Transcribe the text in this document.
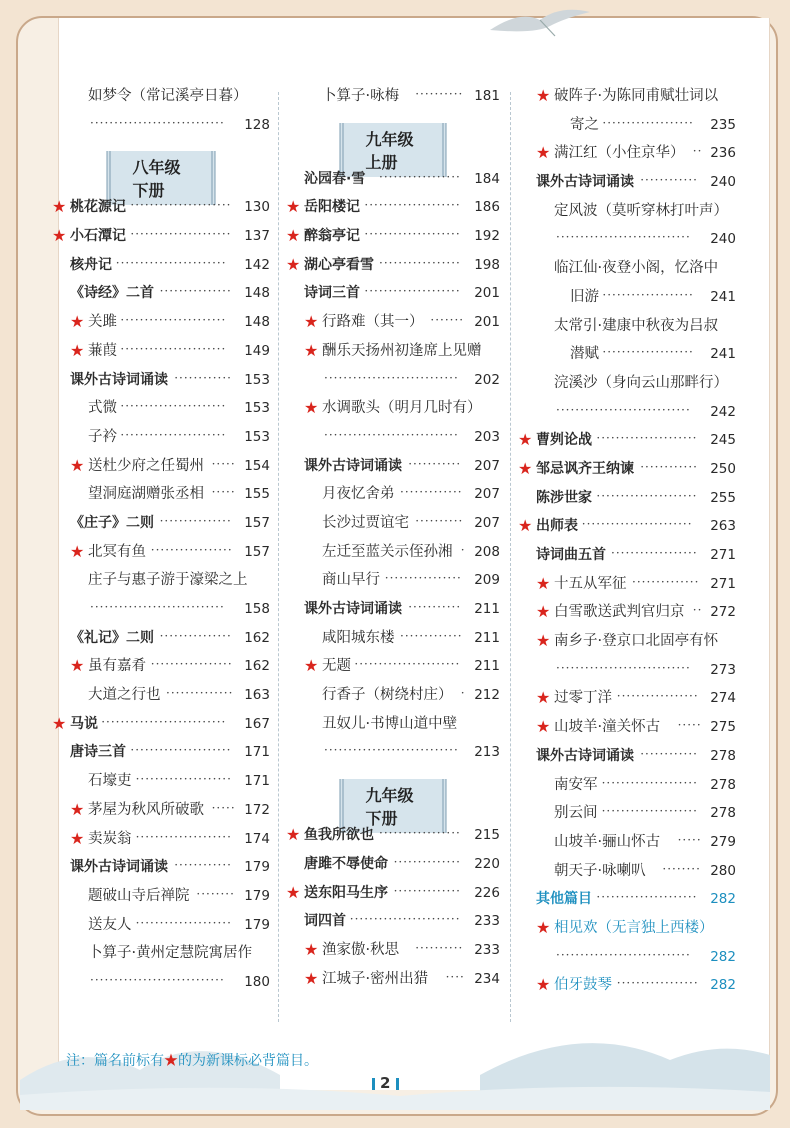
如梦令（常记溪亭日暮）
128
····························
八年级下册
★ 桃花源记	130
·····················
★ 小石潭记	137
·····················
核舟记	142
·······················
《诗经》二首	148
···············
★ 关雎	148
······················
★ 蒹葭	149
······················
课外古诗词诵读	153
············
式微	153
······················
子衿	153
······················
★ 送杜少府之任蜀州	154
·····
望洞庭湖赠张丞相	155
·····
《庄子》二则	157
···············
★ 北冥有鱼	157
·················
庄子与惠子游于濠梁之上
158
····························
《礼记》二则	162
···············
★ 虽有嘉肴	162
·················
大道之行也	163
··············
★ 马说	167
··························
唐诗三首	171
·····················
石壕吏	171
····················
★ 茅屋为秋风所破歌	172
·····
★ 卖炭翁	174
····················
课外古诗词诵读	179
············
题破山寺后禅院	179
········
送友人	179
····················
卜算子·黄州定慧院寓居作
180
····························
卜算子·咏梅	181
··········
九年级上册
沁园春·雪	184
·················
★ 岳阳楼记	186
····················
★ 醉翁亭记	192
····················
★ 湖心亭看雪	198
·················
诗词三首	201
····················
★ 行路难（其一）	201
·······
★ 酬乐天扬州初逢席上见赠
202
····························
★ 水调歌头（明月几时有）
203
····························
课外古诗词诵读	207
···········
月夜忆舍弟	207
·············
长沙过贾谊宅	207
··········
左迁至蓝关示侄孙湘 208
·
商山早行	209
················
课外古诗词诵读	211
···········
咸阳城东楼	211
·············
★ 无题	211
······················
行香子（树绕村庄） 212
·
丑奴儿·书博山道中壁
213
····························
九年级下册
★ 鱼我所欲也	215
·················
唐雎不辱使命	220
··············
★ 送东阳马生序	226
··············
词四首	233
·······················
★ 渔家傲·秋思	233
··········
★ 江城子·密州出猎	234
····
★ 破阵子·为陈同甫赋壮词以
寄之	235
···················
★ 满江红（小住京华） 236
··
课外古诗词诵读	240
············
定风波（莫听穿林打叶声）
240
····························
临江仙·夜登小阁，忆洛中
旧游	241
···················
太常引·建康中秋夜为吕叔
潜赋	241
···················
浣溪沙（身向云山那畔行）
242
····························
★ 曹刿论战	245
·····················
★ 邹忌讽齐王纳谏	250
············
陈涉世家	255
·····················
★ 出师表	263
·······················
诗词曲五首	271
··················
★ 十五从军征	271
··············
★ 白雪歌送武判官归京 272
··
★ 南乡子·登京口北固亭有怀
273
····························
★ 过零丁洋	274
·················
★ 山坡羊·潼关怀古	275
·····
课外古诗词诵读	278
············
南安军	278
····················
别云间	278
····················
山坡羊·骊山怀古	279
·····
朝天子·咏喇叭	280
········
其他篇目	282
·····················
★ 相见欢（无言独上西楼）
282
····························
★ 伯牙鼓琴	282
·················
注：篇名前标有★的为新课标必背篇目。
2
